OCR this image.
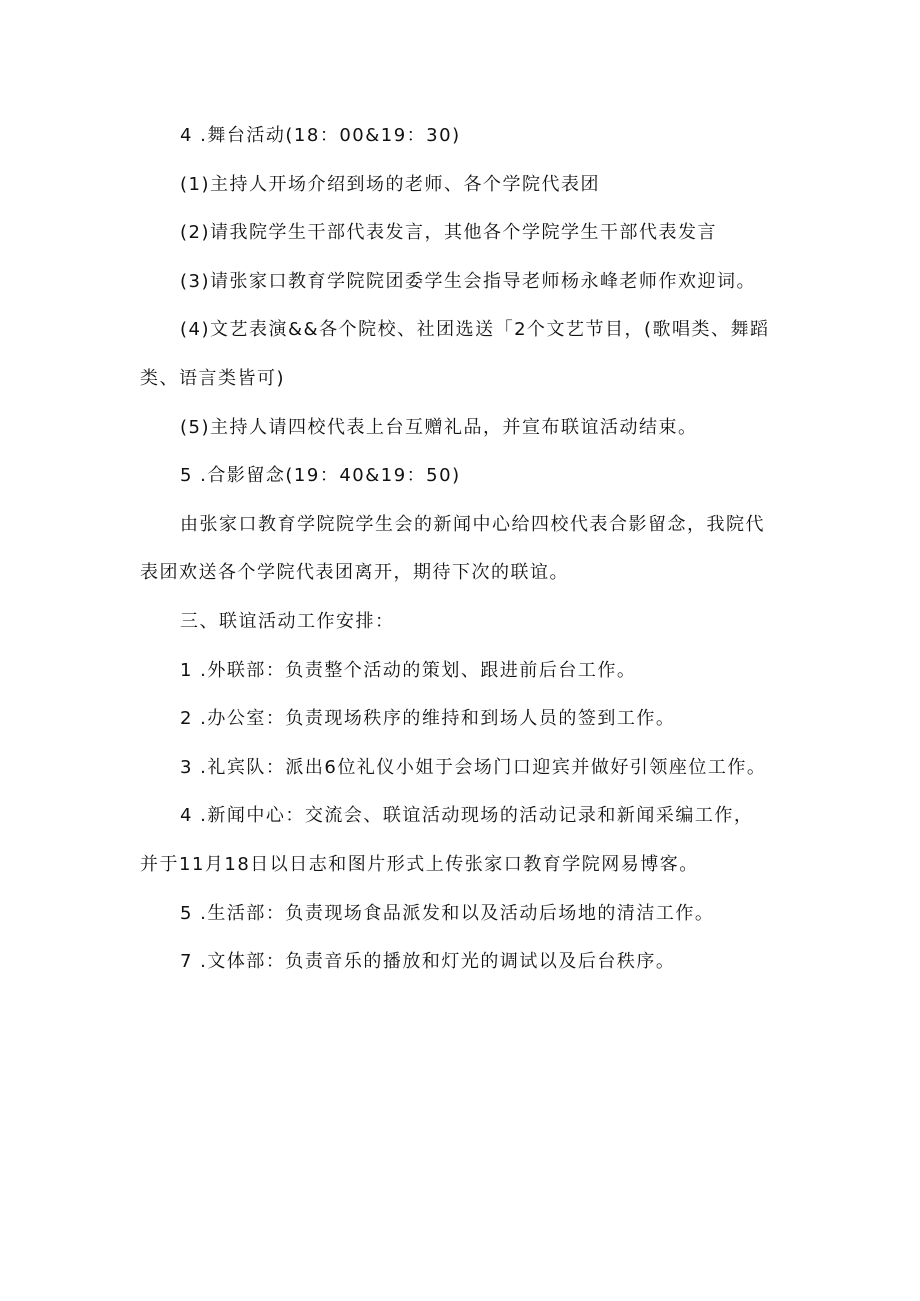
4 .舞台活动(18：00&19：30)
(1)主持人开场介绍到场的老师、各个学院代表团
(2)请我院学生干部代表发言，其他各个学院学生干部代表发言
(3)请张家口教育学院院团委学生会指导老师杨永峰老师作欢迎词。
(4)文艺表演&&各个院校、社团选送「2个文艺节目，(歌唱类、舞蹈
类、语言类皆可)
(5)主持人请四校代表上台互赠礼品，并宣布联谊活动结束。
5 .合影留念(19：40&19：50)
由张家口教育学院院学生会的新闻中心给四校代表合影留念，我院代
表团欢送各个学院代表团离开，期待下次的联谊。
三、联谊活动工作安排：
1 .外联部：负责整个活动的策划、跟进前后台工作。
2 .办公室：负责现场秩序的维持和到场人员的签到工作。
3 .礼宾队：派出6位礼仪小姐于会场门口迎宾并做好引领座位工作。
4 .新闻中心：交流会、联谊活动现场的活动记录和新闻采编工作，
并于11月18日以日志和图片形式上传张家口教育学院网易博客。
5 .生活部：负责现场食品派发和以及活动后场地的清洁工作。
7 .文体部：负责音乐的播放和灯光的调试以及后台秩序。
